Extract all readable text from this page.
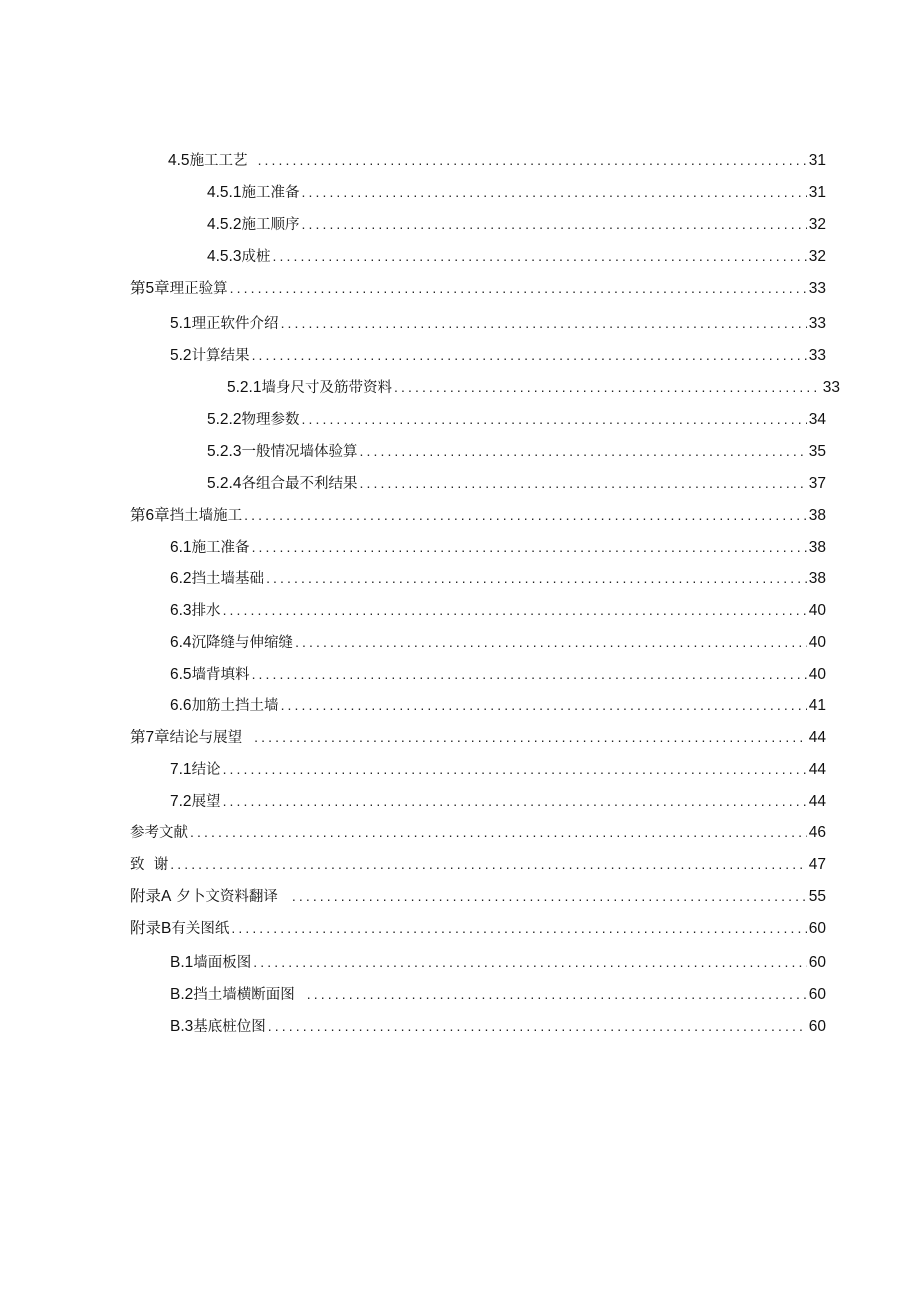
4.5 施工工艺 .....	31
4.5.1 施工准备 .....	31
4.5.2 施工顺序 .....	32
4.5.3 成桩 .....	32
第5章 理正验算 .....	33
5.1 理正软件介绍 .....	33
5.2 计算结果 .....	33
5.2.1 墙身尺寸及筋带资料 .....	33
5.2.2 物理参数 .....	34
5.2.3 一般情况墙体验算 .....	35
5.2.4 各组合最不利结果 .....	37
第6章 挡土墙施工 .....	38
6.1 施工准备 .....	38
6.2 挡土墙基础 .....	38
6.3 排水 .....	40
6.4 沉降缝与伸缩缝 .....	40
6.5 墙背填料 .....	40
6.6 加筋土挡土墙 .....	41
第7章 结论与展望 .....	44
7.1 结论 .....	44
7.2 展望 .....	44
参考文献 .....	46
致  谢 .....	47
附录A 夕卜文资料翻译 .....	55
附录B 有关图纸 .....	60
B.1 墙面板图 .....	60
B.2 挡土墙横断面图 .....	60
B.3 基底桩位图 .....	60
